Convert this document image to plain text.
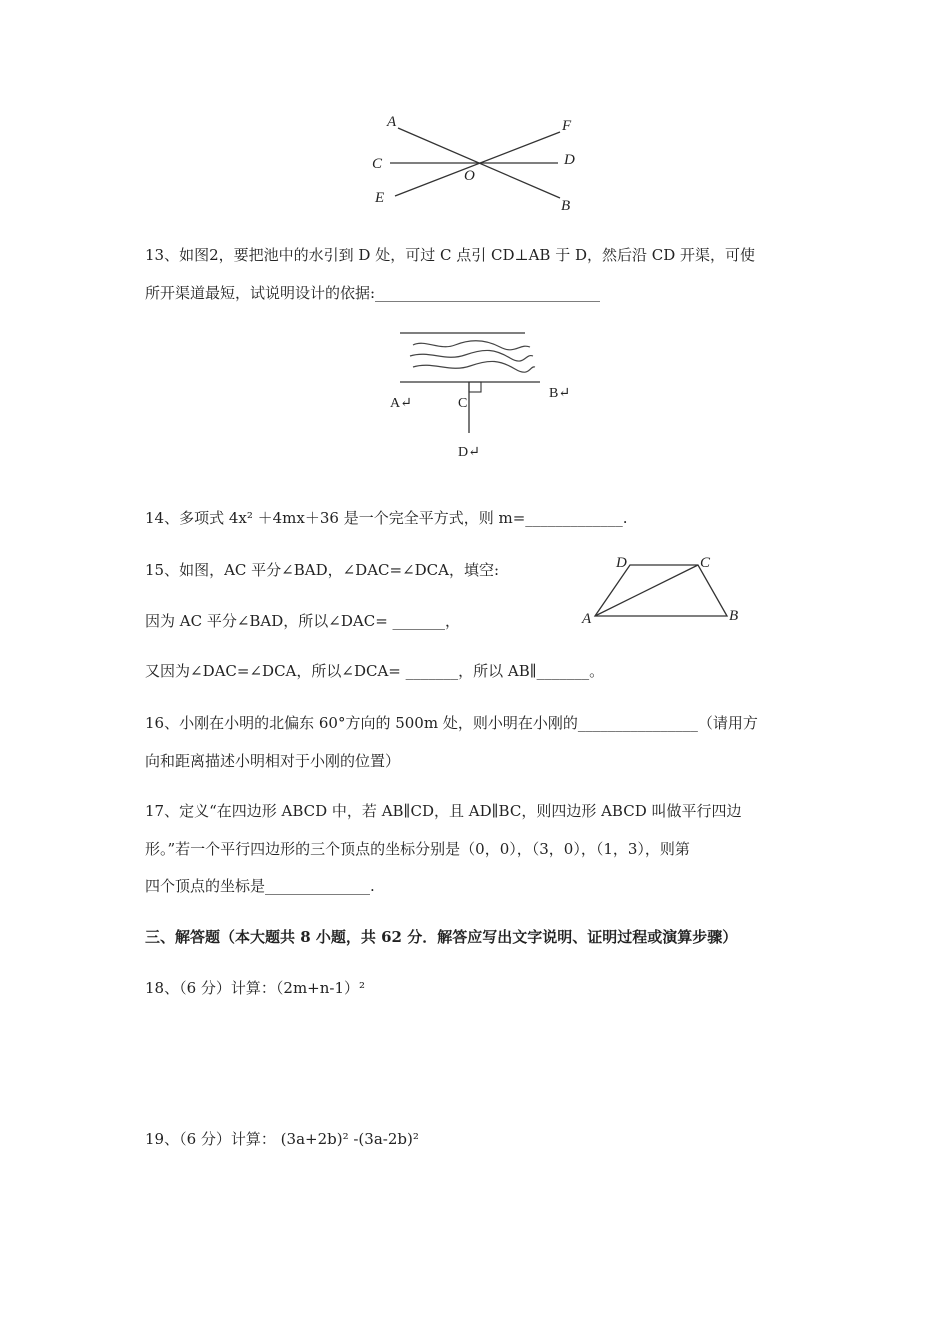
A	F
C	D
O
E	B
13、如图2，要把池中的水引到 D 处，可过 C 点引 CD⊥AB 于 D，然后沿 CD 开渠，可使
所开渠道最短，试说明设计的依据:______________________________
A↵
B↵
C
D↵
14、多项式 4x² ＋4mx＋36 是一个完全平方式，则 m=_____________.
15、如图，AC 平分∠BAD，∠DAC=∠DCA，填空:
因为 AC 平分∠BAD，所以∠DAC= _______，
又因为∠DAC=∠DCA，所以∠DCA= _______，所以 AB∥_______。
D	C
A	B
16、小刚在小明的北偏东 60°方向的 500m 处，则小明在小刚的________________（请用方
向和距离描述小明相对于小刚的位置）
17、定义“在四边形 ABCD 中，若 AB∥CD，且 AD∥BC，则四边形 ABCD 叫做平行四边
形。”若一个平行四边形的三个顶点的坐标分别是（0，0），（3，0），（1，3），则第
四个顶点的坐标是______________.
三、解答题（本大题共 8 小题，共 62 分．解答应写出文字说明、证明过程或演算步骤）
18、（6 分）计算：（2m+n-1）²
19、（6 分）计算： (3a+2b)² -(3a-2b)²
